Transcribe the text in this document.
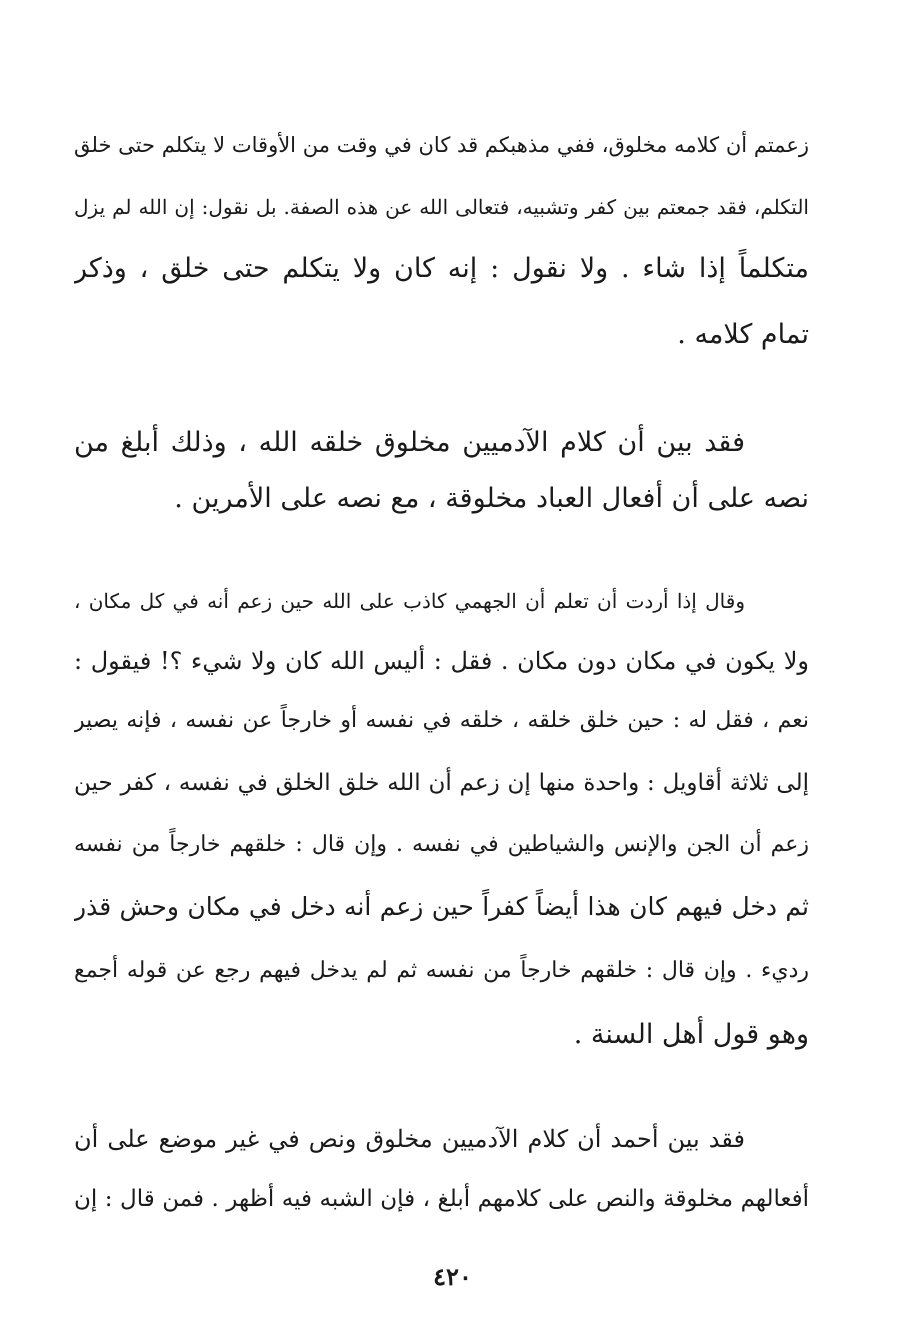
زعمتم أن كلامه مخلوق، ففي مذهبكم قد كان في وقت من الأوقات لا يتكلم حتى خلق
التكلم، فقد جمعتم بين كفر وتشبيه، فتعالى الله عن هذه الصفة. بل نقول: إن الله لم يزل
متكلماً إذا شاء . ولا نقول : إنه كان ولا يتكلم حتى خلق ، وذكر
تمام كلامه .
فقد بين أن كلام الآدميين مخلوق خلقه الله ، وذلك أبلغ من
نصه على أن أفعال العباد مخلوقة ، مع نصه على الأمرين .
وقال إذا أردت أن تعلم أن الجهمي كاذب على الله حين زعم أنه في كل مكان ،
ولا يكون في مكان دون مكان . فقل : أليس الله كان ولا شيء ؟! فيقول :
نعم ، فقل له : حين خلق خلقه ، خلقه في نفسه أو خارجاً عن نفسه ، فإنه يصير
إلى ثلاثة أقاويل : واحدة منها إن زعم أن الله خلق الخلق في نفسه ، كفر حين
زعم أن الجن والإنس والشياطين في نفسه . وإن قال : خلقهم خارجاً من نفسه
ثم دخل فيهم كان هذا أيضاً كفراً حين زعم أنه دخل في مكان وحش قذر
رديء . وإن قال : خلقهم خارجاً من نفسه ثم لم يدخل فيهم رجع عن قوله أجمع
وهو قول أهل السنة .
فقد بين أحمد أن كلام الآدميين مخلوق ونص في غير موضع على أن
أفعالهم مخلوقة والنص على كلامهم أبلغ ، فإن الشبه فيه أظهر . فمن قال : إن
٤٢٠
